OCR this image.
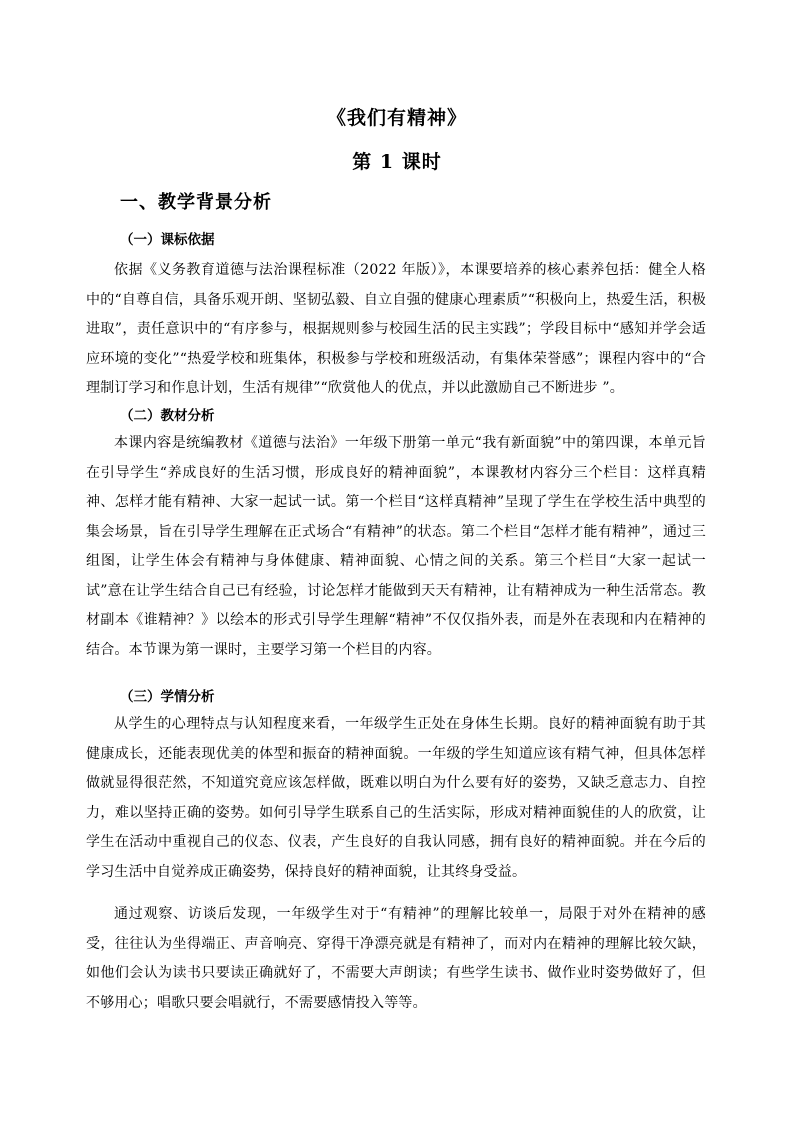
《我们有精神》
第 1 课时
一、教学背景分析
（一）课标依据

依据《义务教育道德与法治课程标准（2022 年版）》，本课要培养的核心素养包括：健全人格中的“自尊自信，具备乐观开朗、坚韧弘毅、自立自强的健康心理素质”“积极向上，热爱生活，积极进取”，责任意识中的“有序参与，根据规则参与校园生活的民主实践”；学段目标中“感知并学会适应环境的变化”“热爱学校和班集体，积极参与学校和班级活动，有集体荣誉感”；课程内容中的“合理制订学习和作息计划，生活有规律”“欣赏他人的优点，并以此激励自己不断进步 ”。

（二）教材分析

本课内容是统编教材《道德与法治》一年级下册第一单元“我有新面貌”中的第四课，本单元旨在引导学生“养成良好的生活习惯，形成良好的精神面貌”，本课教材内容分三个栏目：这样真精神、怎样才能有精神、大家一起试一试。第一个栏目“这样真精神”呈现了学生在学校生活中典型的集会场景，旨在引导学生理解在正式场合“有精神”的状态。第二个栏目“怎样才能有精神”，通过三组图，让学生体会有精神与身体健康、精神面貌、心情之间的关系。第三个栏目“大家一起试一试”意在让学生结合自己已有经验，讨论怎样才能做到天天有精神，让有精神成为一种生活常态。教材副本《谁精神？》以绘本的形式引导学生理解“精神”不仅仅指外表，而是外在表现和内在精神的结合。本节课为第一课时，主要学习第一个栏目的内容。

（三）学情分析

从学生的心理特点与认知程度来看，一年级学生正处在身体生长期。良好的精神面貌有助于其健康成长，还能表现优美的体型和振奋的精神面貌。一年级的学生知道应该有精气神，但具体怎样做就显得很茫然，不知道究竟应该怎样做，既难以明白为什么要有好的姿势，又缺乏意志力、自控力，难以坚持正确的姿势。如何引导学生联系自己的生活实际，形成对精神面貌佳的人的欣赏，让学生在活动中重视自己的仪态、仪表，产生良好的自我认同感，拥有良好的精神面貌。并在今后的学习生活中自觉养成正确姿势，保持良好的精神面貌，让其终身受益。

通过观察、访谈后发现，一年级学生对于“有精神”的理解比较单一，局限于对外在精神的感受，往往认为坐得端正、声音响亮、穿得干净漂亮就是有精神了，而对内在精神的理解比较欠缺，如他们会认为读书只要读正确就好了，不需要大声朗读；有些学生读书、做作业时姿势做好了，但不够用心；唱歌只要会唱就行，不需要感情投入等等。
